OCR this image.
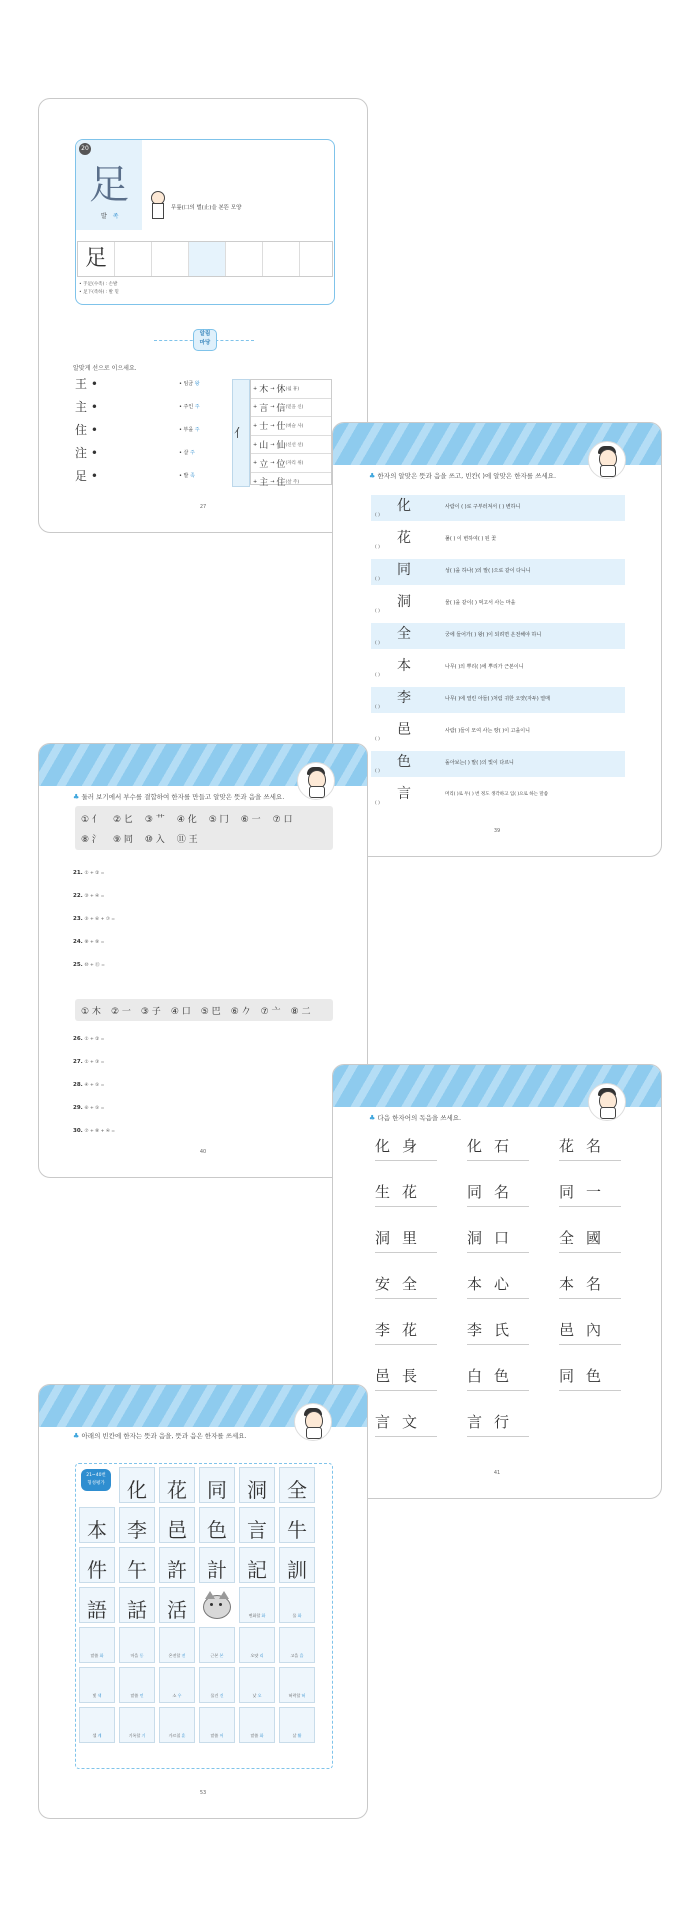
20
足
발 족
무릎(口의 벌(止)을 본뜬 모양
足
• 手足(수족) : 손발
• 足下(족하) : 발 밑
알림
마당
알맞게 선으로 이으세요.
王 •
主 •
住 •
注 •
足 •
• 임금 왕
• 주인 주
• 부을 주
• 살 주
• 발 족
亻
+ 木 → 休 (쉴 휴)
+ 言 → 信 (믿을 신)
+ 士 → 仕 (벼슬 사)
+ 山 → 仙 (신선 선)
+ 立 → 位 (자리 위)
+ 主 → 住 (살 주)
27
♣ 한자의 알맞은 뜻과 음을 쓰고, 빈칸( )에 알맞은 한자를 쓰세요.
化
( )
사람이 ( )로 구부러져서 ( ) 변하니
花
( )
풀( ) 이 변하여( ) 된 꽃
同
( )
성( )을 하나( )의 말( )으로 같이 다니니
洞
( )
물( )을 같이( ) 먹고서 사는 마을
全
( )
궁에 들어가( ) 왕( )이 되려면 온전해야 하니
本
( )
나무( )의 뿌리( )에 뿌리가 근본이니
李
( )
나무( )에 열린 아들( )처럼 귀한 오얏(자두) 열매
邑
( )
사람( )들이 모여 사는 땅( )이 고을이니
色
( )
돌아보는( ) 말( )의 빛이 다르니
言
( )
머리( )로 두( ) 번 정도 생각하고 입( )으로 하는 말씀
39
♣ 둘러 보기에서 부수를 결합하여 한자를 만들고 알맞은 뜻과 음을 쓰세요.
① 亻 ② 匕 ③ 艹 ④ 化 ⑤ 冂 ⑥ 一 ⑦ 口
⑧ 氵 ⑨ 同 ⑩ 入 ⑪ 王
21. ① + ② =
22. ③ + ④ =
23. ⑤ + ⑥ + ⑦ =
24. ⑧ + ⑨ =
25. ⑩ + ⑪ =
① 木 ② 一 ③ 子 ④ 口 ⑤ 巴 ⑥ 𠂊 ⑦ 亠 ⑧ 二
26. ① + ② =
27. ① + ③ =
28. ④ + ⑤ =
29. ⑥ + ⑤ =
30. ⑦ + ⑧ + ④ =
40
♣ 다음 한자어의 독음을 쓰세요.
化身	化石	花名
生花	同名	同一
洞里	洞口	全國
安全	本心	本名
李花	李氏	邑內
邑長	白色	同色
言文	言行
41
♣ 아래의 빈칸에 한자는 뜻과 음을, 뜻과 음은 한자를 쓰세요.
21~40번
형성평가	化	花	同	洞	全
本	李	邑	色	言	牛
件	午	許	計	記	訓
語	話	活	변화할 화	물 화
말씀 화	마을 동	온전할 전	근본 본	오얏 리	고을 읍
빛 색	말씀 언	소 우	물건 건	낮 오	허락할 허
셀 계	기록할 기	가르칠 훈	말씀 어	말씀 화	살 활
53
